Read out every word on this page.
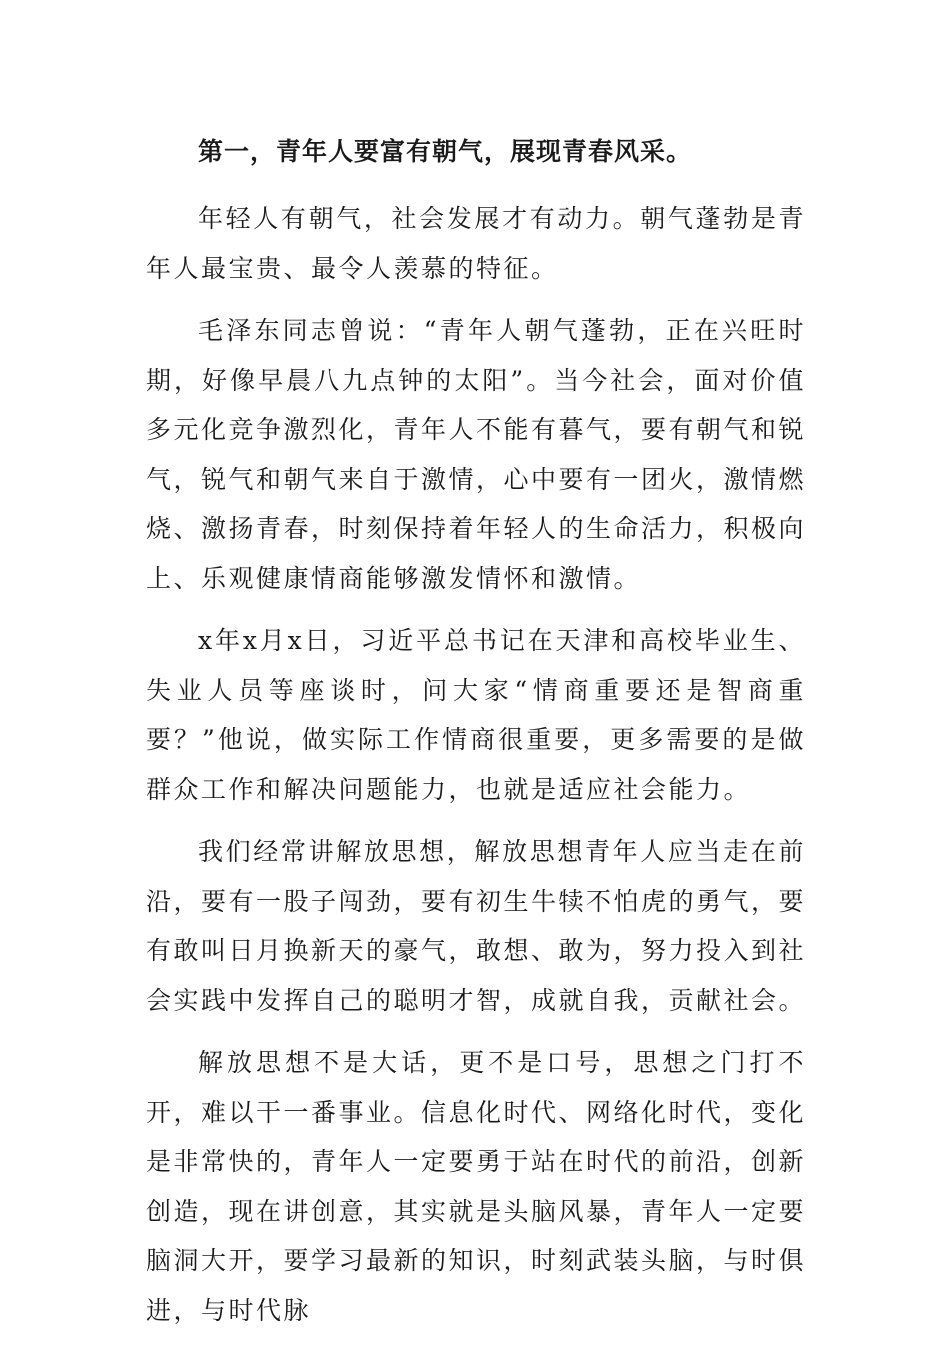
第一，青年人要富有朝气，展现青春风采。

年轻人有朝气，社会发展才有动力。朝气蓬勃是青年人最宝贵、最令人羡慕的特征。

毛泽东同志曾说：“青年人朝气蓬勃，正在兴旺时期，好像早晨八九点钟的太阳”。当今社会，面对价值多元化竞争激烈化，青年人不能有暮气，要有朝气和锐气，锐气和朝气来自于激情，心中要有一团火，激情燃烧、激扬青春，时刻保持着年轻人的生命活力，积极向上、乐观健康情商能够激发情怀和激情。

x年x月x日，习近平总书记在天津和高校毕业生、失业人员等座谈时，问大家“情商重要还是智商重要？”他说，做实际工作情商很重要，更多需要的是做群众工作和解决问题能力，也就是适应社会能力。

我们经常讲解放思想，解放思想青年人应当走在前沿，要有一股子闯劲，要有初生牛犊不怕虎的勇气，要有敢叫日月换新天的豪气，敢想、敢为，努力投入到社会实践中发挥自己的聪明才智，成就自我，贡献社会。

解放思想不是大话，更不是口号，思想之门打不开，难以干一番事业。信息化时代、网络化时代，变化是非常快的，青年人一定要勇于站在时代的前沿，创新创造，现在讲创意，其实就是头脑风暴，青年人一定要脑洞大开，要学习最新的知识，时刻武装头脑，与时俱进，与时代脉
